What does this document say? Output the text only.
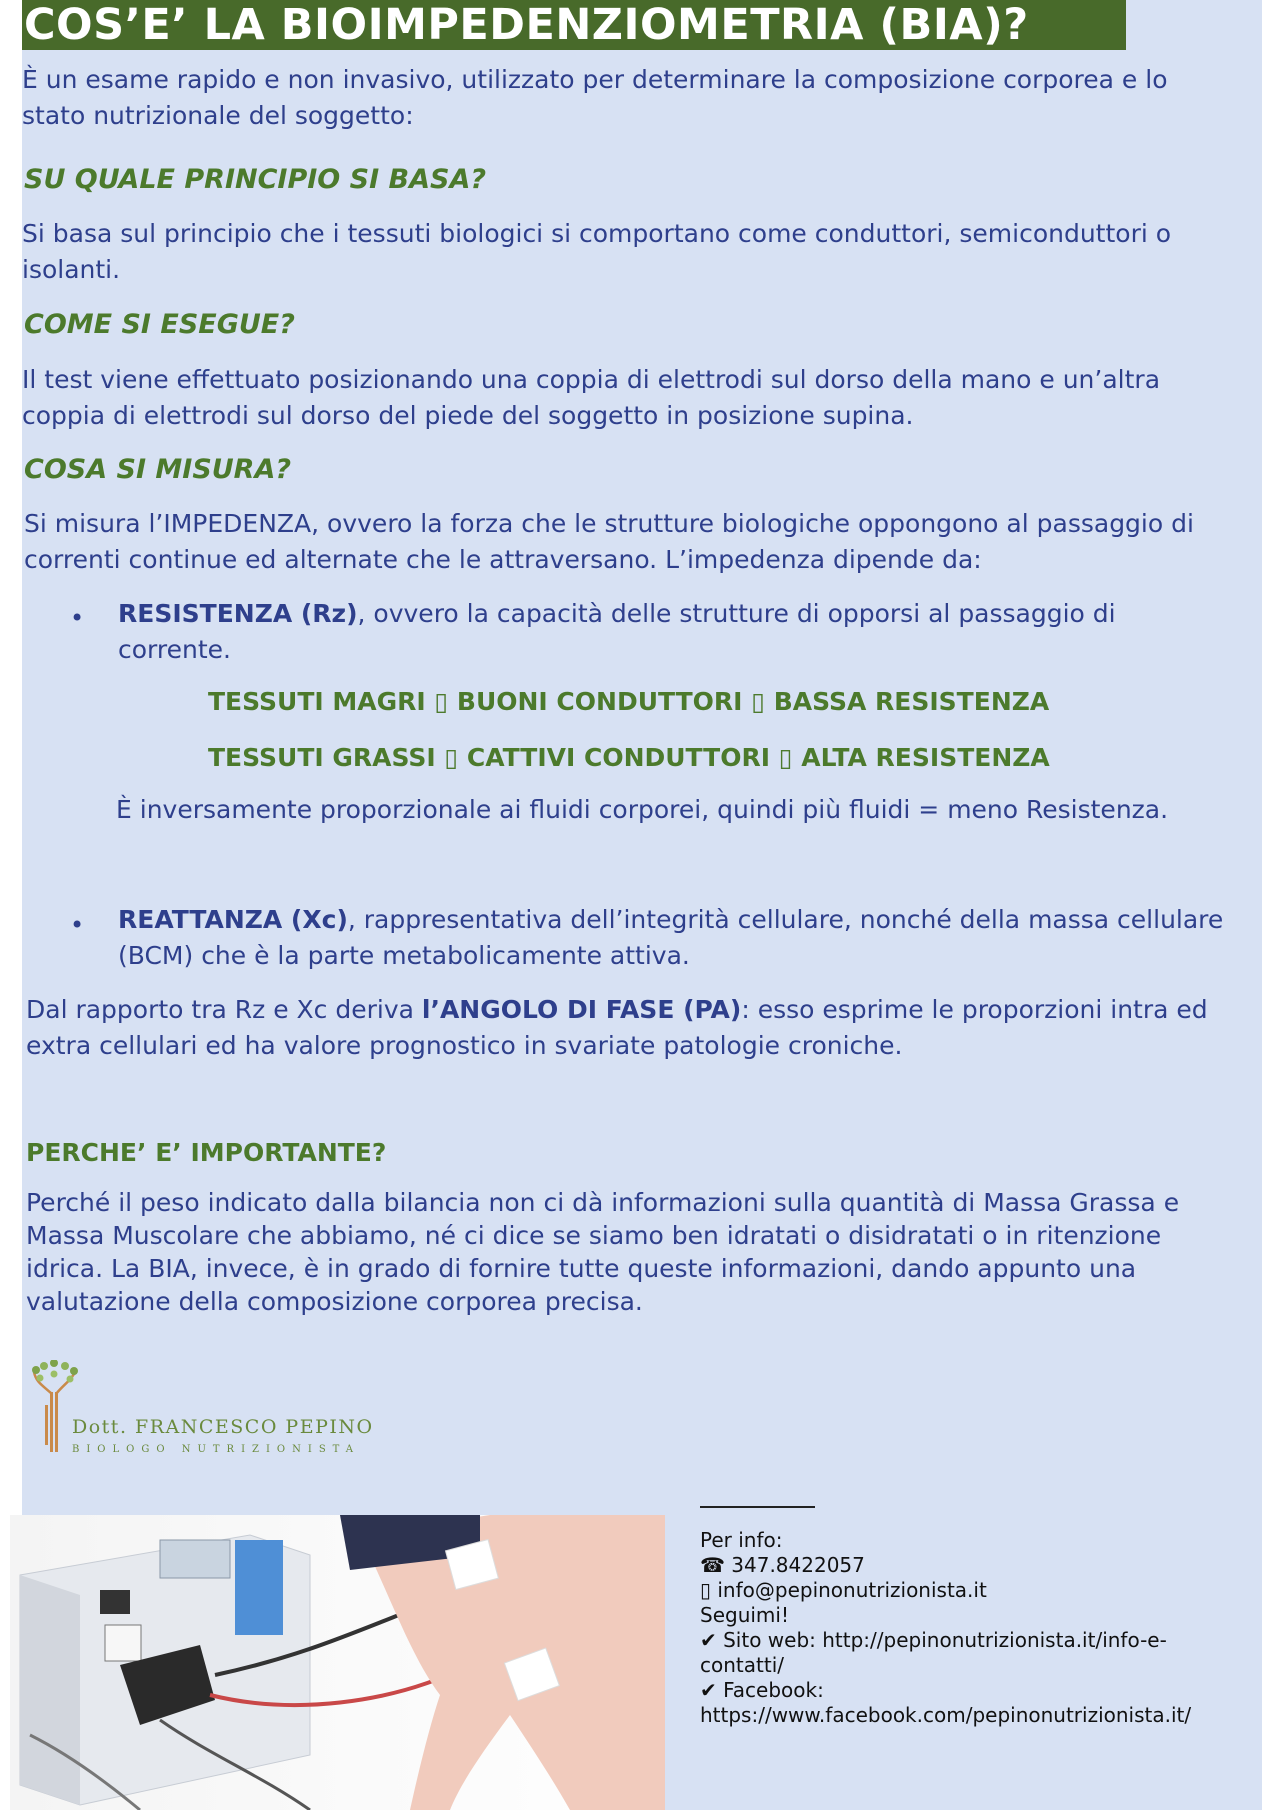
COS’E’ LA BIOIMPEDENZIOMETRIA (BIA)?

È un esame rapido e non invasivo, utilizzato per determinare la composizione corporea e lo stato nutrizionale del soggetto:

SU QUALE PRINCIPIO SI BASA?

Si basa sul principio che i tessuti biologici si comportano come conduttori, semiconduttori o isolanti.

COME SI ESEGUE?

Il test viene effettuato posizionando una coppia di elettrodi sul dorso della mano e un’altra coppia di elettrodi sul dorso del piede del soggetto in posizione supina.

COSA SI MISURA?

Si misura l’IMPEDENZA, ovvero la forza che le strutture biologiche oppongono al passaggio di correnti continue ed alternate che le attraversano. L’impedenza dipende da:

• RESISTENZA (Rz), ovvero la capacità delle strutture di opporsi al passaggio di corrente.

TESSUTI MAGRI ▯ BUONI CONDUTTORI ▯ BASSA RESISTENZA

TESSUTI GRASSI ▯ CATTIVI CONDUTTORI ▯ ALTA RESISTENZA

È inversamente proporzionale ai fluidi corporei, quindi più fluidi = meno Resistenza.

• REATTANZA (Xc), rappresentativa dell’integrità cellulare, nonché della massa cellulare (BCM) che è la parte metabolicamente attiva.

Dal rapporto tra Rz e Xc deriva l’ANGOLO DI FASE (PA): esso esprime le proporzioni intra ed extra cellulari ed ha valore prognostico in svariate patologie croniche.

PERCHE’ E’ IMPORTANTE?

Perché il peso indicato dalla bilancia non ci dà informazioni sulla quantità di Massa Grassa e Massa Muscolare che abbiamo, né ci dice se siamo ben idratati o disidratati o in ritenzione idrica. La BIA, invece, è in grado di fornire tutte queste informazioni, dando appunto una valutazione della composizione corporea precisa.

Dott. FRANCESCO PEPINO
BIOLOGO NUTRIZIONISTA

Per info:

☎ 347.8422057

▯ info@pepinonutrizionista.it

Seguimi!

✔ Sito web: http://pepinonutrizionista.it/info-e-contatti/

✔ Facebook:

https://www.facebook.com/pepinonutrizionista.it/
